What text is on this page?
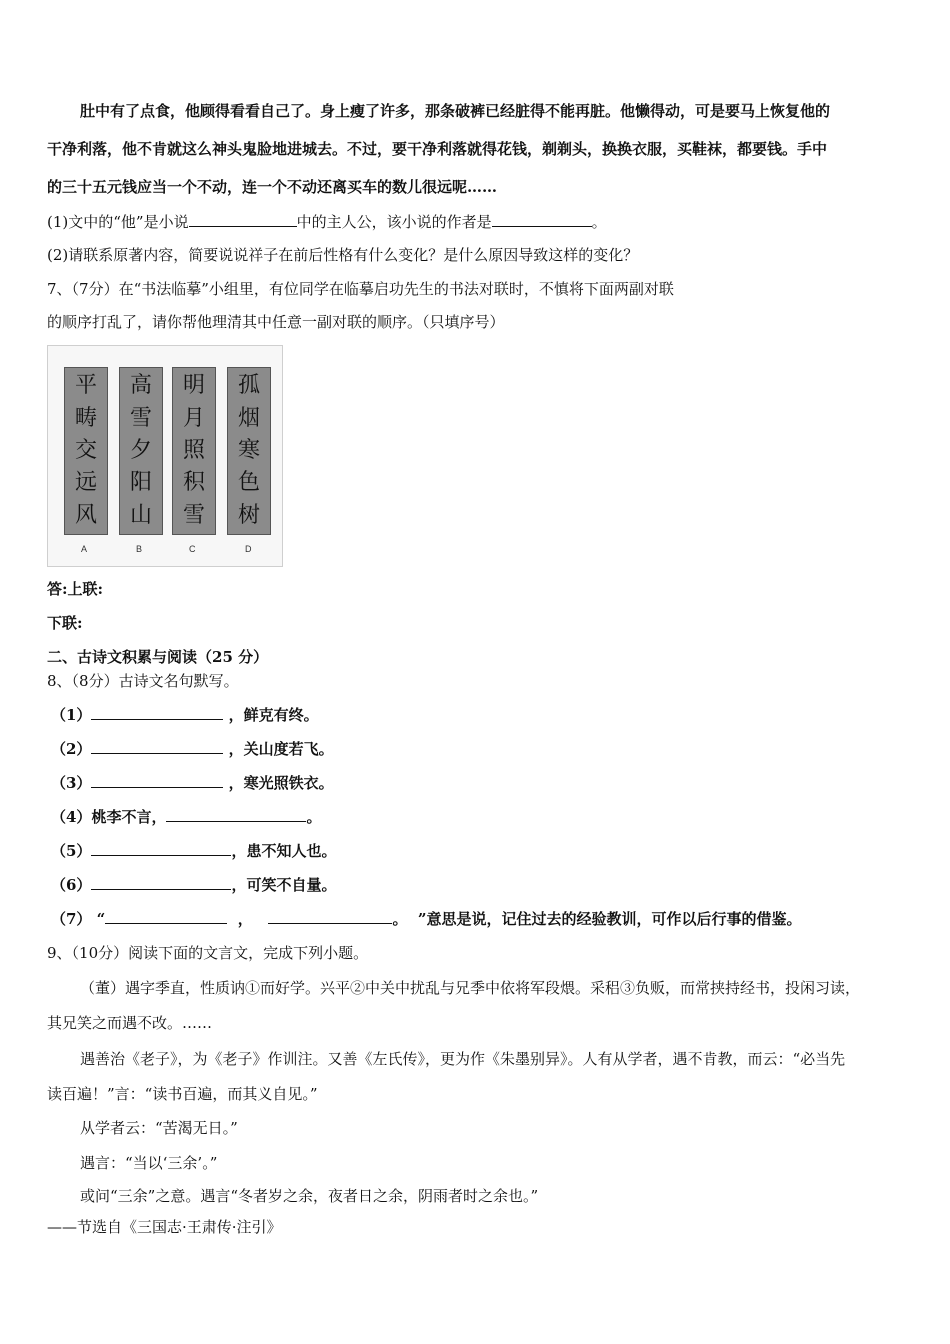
肚中有了点食，他顾得看看自己了。身上瘦了许多，那条破裤已经脏得不能再脏。他懒得动，可是要马上恢复他的
干净利落，他不肯就这么神头鬼脸地进城去。不过，要干净利落就得花钱，剃剃头，换换衣服，买鞋袜，都要钱。手中
的三十五元钱应当一个不动，连一个不动还离买车的数儿很远呢……
(1)文中的“他”是小说	中的主人公，该小说的作者是	。
(2)请联系原著内容，简要说说祥子在前后性格有什么变化？是什么原因导致这样的变化？
7、（7分）在“书法临摹”小组里，有位同学在临摹启功先生的书法对联时，不慎将下面两副对联
的顺序打乱了，请你帮他理清其中任意一副对联的顺序。（只填序号）
平
畴
交
远
风
高
雪
夕
阳
山
明
月
照
积
雪
孤
烟
寒
色
树
A	B	C	D
答:上联:
下联:
二、古诗文积累与阅读（25 分）
8、（8分）古诗文名句默写。
（1）	，鲜克有终。
（2）	，关山度若飞。
（3）	，寒光照铁衣。
（4）桃李不言，	。
（5）	，患不知人也。
（6）	，可笑不自量。
（7） “	，	。 ”意思是说，记住过去的经验教训，可作以后行事的借鉴。
9、（10分）阅读下面的文言文，完成下列小题。
（董）遇字季直，性质讷①而好学。兴平②中关中扰乱与兄季中依将军段煨。采稆③负贩，而常挟持经书，投闲习读，
其兄笑之而遇不改。……
遇善治《老子》，为《老子》作训注。又善《左氏传》，更为作《朱墨别异》。人有从学者，遇不肯教，而云：“必当先
读百遍！”言：“读书百遍，而其义自见。”
从学者云：“苦渴无日。”
遇言：“当以‘三余’。”
或问“三余”之意。遇言“冬者岁之余，夜者日之余，阴雨者时之余也。”
——节选自《三国志·王肃传·注引》
